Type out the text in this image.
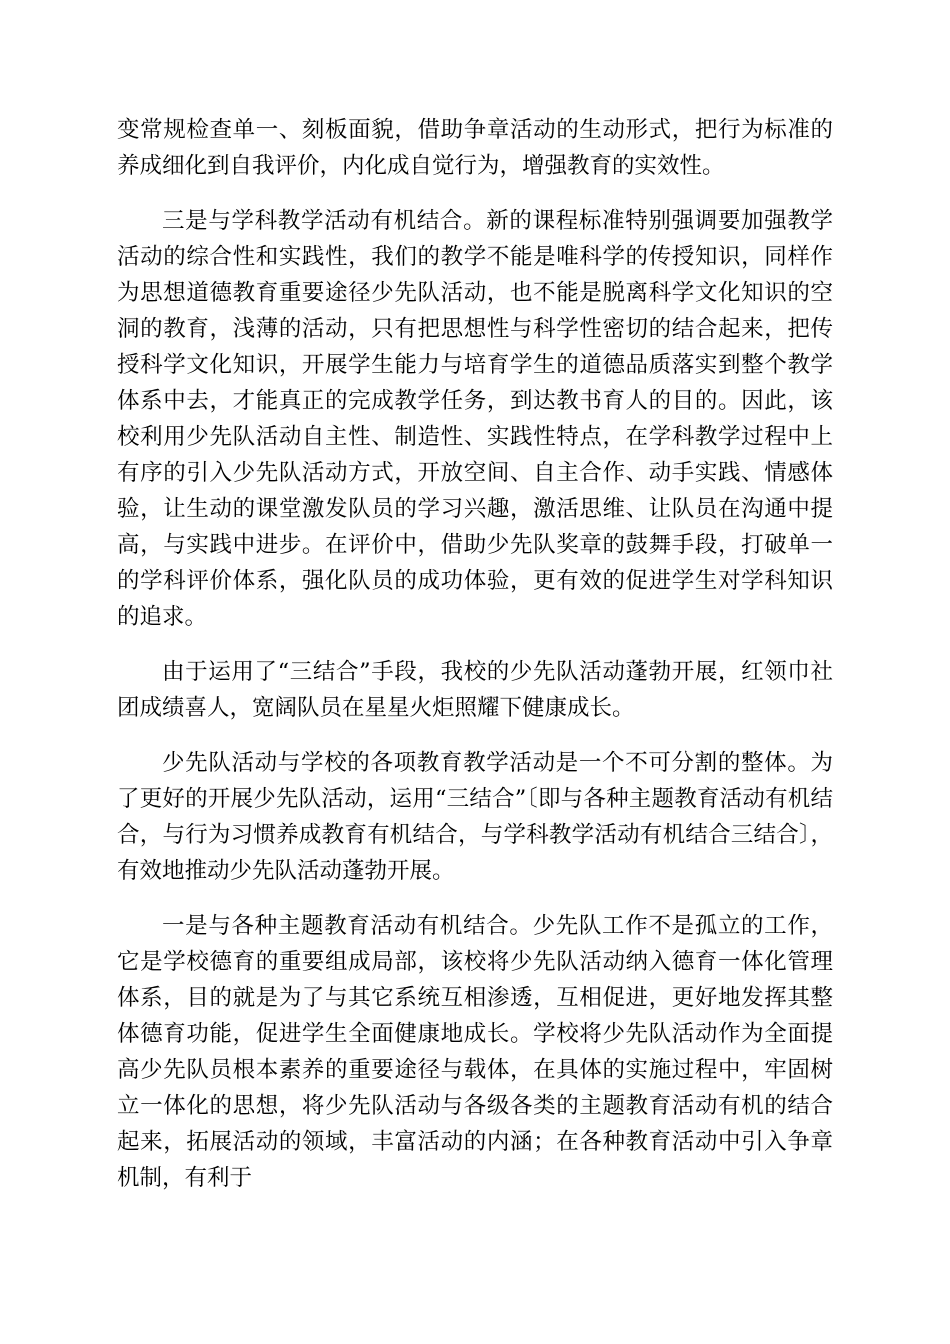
变常规检查单一、刻板面貌，借助争章活动的生动形式，把行为标准的养成细化到自我评价，内化成自觉行为，增强教育的实效性。

三是与学科教学活动有机结合。新的课程标准特别强调要加强教学活动的综合性和实践性，我们的教学不能是唯科学的传授知识，同样作为思想道德教育重要途径少先队活动，也不能是脱离科学文化知识的空洞的教育，浅薄的活动，只有把思想性与科学性密切的结合起来，把传授科学文化知识，开展学生能力与培育学生的道德品质落实到整个教学体系中去，才能真正的完成教学任务，到达教书育人的目的。因此，该校利用少先队活动自主性、制造性、实践性特点，在学科教学过程中上有序的引入少先队活动方式，开放空间、自主合作、动手实践、情感体验，让生动的课堂激发队员的学习兴趣，激活思维、让队员在沟通中提高，与实践中进步。在评价中，借助少先队奖章的鼓舞手段，打破单一的学科评价体系，强化队员的成功体验，更有效的促进学生对学科知识的追求。

由于运用了“三结合”手段，我校的少先队活动蓬勃开展，红领巾社团成绩喜人，宽阔队员在星星火炬照耀下健康成长。

少先队活动与学校的各项教育教学活动是一个不可分割的整体。为了更好的开展少先队活动，运用“三结合”〔即与各种主题教育活动有机结合，与行为习惯养成教育有机结合，与学科教学活动有机结合三结合〕，有效地推动少先队活动蓬勃开展。

一是与各种主题教育活动有机结合。少先队工作不是孤立的工作，它是学校德育的重要组成局部，该校将少先队活动纳入德育一体化管理体系，目的就是为了与其它系统互相渗透，互相促进，更好地发挥其整体德育功能，促进学生全面健康地成长。学校将少先队活动作为全面提高少先队员根本素养的重要途径与载体，在具体的实施过程中，牢固树立一体化的思想，将少先队活动与各级各类的主题教育活动有机的结合起来，拓展活动的领域，丰富活动的内涵；在各种教育活动中引入争章机制，有利于
